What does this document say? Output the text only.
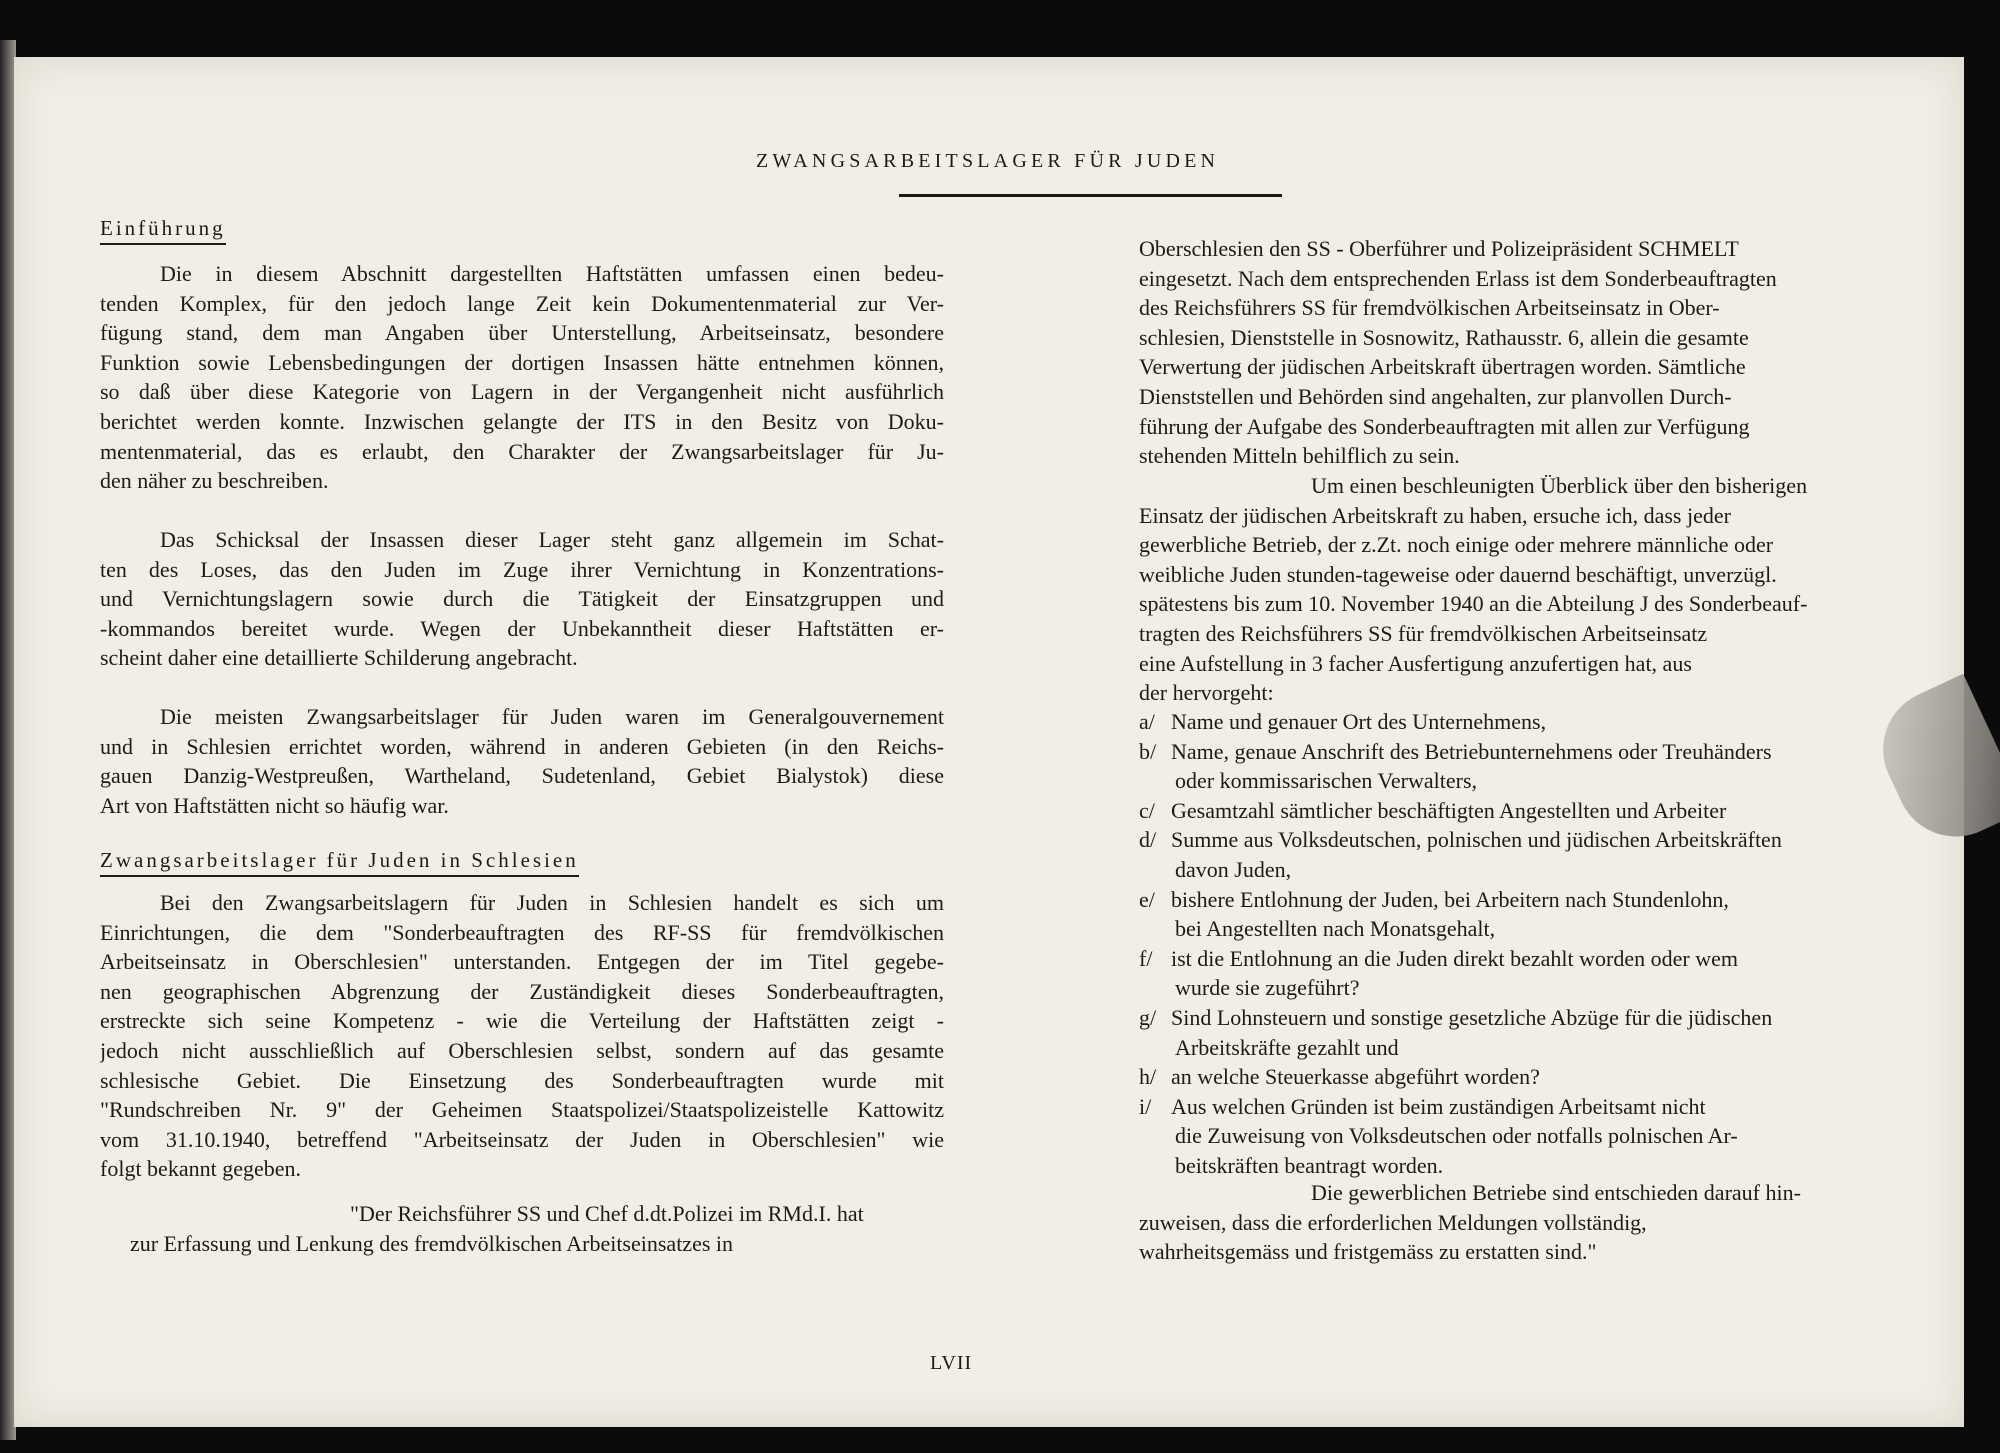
ZWANGSARBEITSLAGER FÜR JUDEN
Einführung
Die in diesem Abschnitt dargestellten Haftstätten umfassen einen bedeu-
tenden Komplex, für den jedoch lange Zeit kein Dokumentenmaterial zur Ver-
fügung stand, dem man Angaben über Unterstellung, Arbeitseinsatz, besondere
Funktion sowie Lebensbedingungen der dortigen Insassen hätte entnehmen können,
so daß über diese Kategorie von Lagern in der Vergangenheit nicht ausführlich
berichtet werden konnte. Inzwischen gelangte der ITS in den Besitz von Doku-
mentenmaterial, das es erlaubt, den Charakter der Zwangsarbeitslager für Ju-
den näher zu beschreiben.
Das Schicksal der Insassen dieser Lager steht ganz allgemein im Schat-
ten des Loses, das den Juden im Zuge ihrer Vernichtung in Konzentrations-
und Vernichtungslagern sowie durch die Tätigkeit der Einsatzgruppen und
-kommandos bereitet wurde. Wegen der Unbekanntheit dieser Haftstätten er-
scheint daher eine detaillierte Schilderung angebracht.
Die meisten Zwangsarbeitslager für Juden waren im Generalgouvernement
und in Schlesien errichtet worden, während in anderen Gebieten (in den Reichs-
gauen Danzig-Westpreußen, Wartheland, Sudetenland, Gebiet Bialystok) diese
Art von Haftstätten nicht so häufig war.
Zwangsarbeitslager für Juden in Schlesien
Bei den Zwangsarbeitslagern für Juden in Schlesien handelt es sich um
Einrichtungen, die dem "Sonderbeauftragten des RF-SS für fremdvölkischen
Arbeitseinsatz in Oberschlesien" unterstanden. Entgegen der im Titel gegebe-
nen geographischen Abgrenzung der Zuständigkeit dieses Sonderbeauftragten,
erstreckte sich seine Kompetenz - wie die Verteilung der Haftstätten zeigt -
jedoch nicht ausschließlich auf Oberschlesien selbst, sondern auf das gesamte
schlesische Gebiet. Die Einsetzung des Sonderbeauftragten wurde mit
"Rundschreiben Nr. 9" der Geheimen Staatspolizei/Staatspolizeistelle Kattowitz
vom 31.10.1940, betreffend "Arbeitseinsatz der Juden in Oberschlesien" wie
folgt bekannt gegeben.
"Der Reichsführer SS und Chef d.dt.Polizei im RMd.I. hat
zur Erfassung und Lenkung des fremdvölkischen Arbeitseinsatzes in
Oberschlesien den SS - Oberführer und Polizeipräsident SCHMELT
eingesetzt. Nach dem entsprechenden Erlass ist dem Sonderbeauftragten
des Reichsführers SS für fremdvölkischen Arbeitseinsatz in Ober-
schlesien, Dienststelle in Sosnowitz, Rathausstr. 6, allein die gesamte
Verwertung der jüdischen Arbeitskraft übertragen worden. Sämtliche
Dienststellen und Behörden sind angehalten, zur planvollen Durch-
führung der Aufgabe des Sonderbeauftragten mit allen zur Verfügung
stehenden Mitteln behilflich zu sein.
Um einen beschleunigten Überblick über den bisherigen
Einsatz der jüdischen Arbeitskraft zu haben, ersuche ich, dass jeder
gewerbliche Betrieb, der z.Zt. noch einige oder mehrere männliche oder
weibliche Juden stunden-tageweise oder dauernd beschäftigt, unverzügl.
spätestens bis zum 10. November 1940 an die Abteilung J des Sonderbeauf-
tragten des Reichsführers SS für fremdvölkischen Arbeitseinsatz
eine Aufstellung in 3 facher Ausfertigung anzufertigen hat, aus
der hervorgeht:
a/ Name und genauer Ort des Unternehmens,
b/ Name, genaue Anschrift des Betriebunternehmens oder Treuhänders
oder kommissarischen Verwalters,
c/ Gesamtzahl sämtlicher beschäftigten Angestellten und Arbeiter
d/ Summe aus Volksdeutschen, polnischen und jüdischen Arbeitskräften
davon Juden,
e/ bishere Entlohnung der Juden, bei Arbeitern nach Stundenlohn,
bei Angestellten nach Monatsgehalt,
f/ ist die Entlohnung an die Juden direkt bezahlt worden oder wem
wurde sie zugeführt?
g/ Sind Lohnsteuern und sonstige gesetzliche Abzüge für die jüdischen
Arbeitskräfte gezahlt und
h/ an welche Steuerkasse abgeführt worden?
i/ Aus welchen Gründen ist beim zuständigen Arbeitsamt nicht
die Zuweisung von Volksdeutschen oder notfalls polnischen Ar-
beitskräften beantragt worden.
Die gewerblichen Betriebe sind entschieden darauf hin-
zuweisen, dass die erforderlichen Meldungen vollständig,
wahrheitsgemäss und fristgemäss zu erstatten sind."
LVII
